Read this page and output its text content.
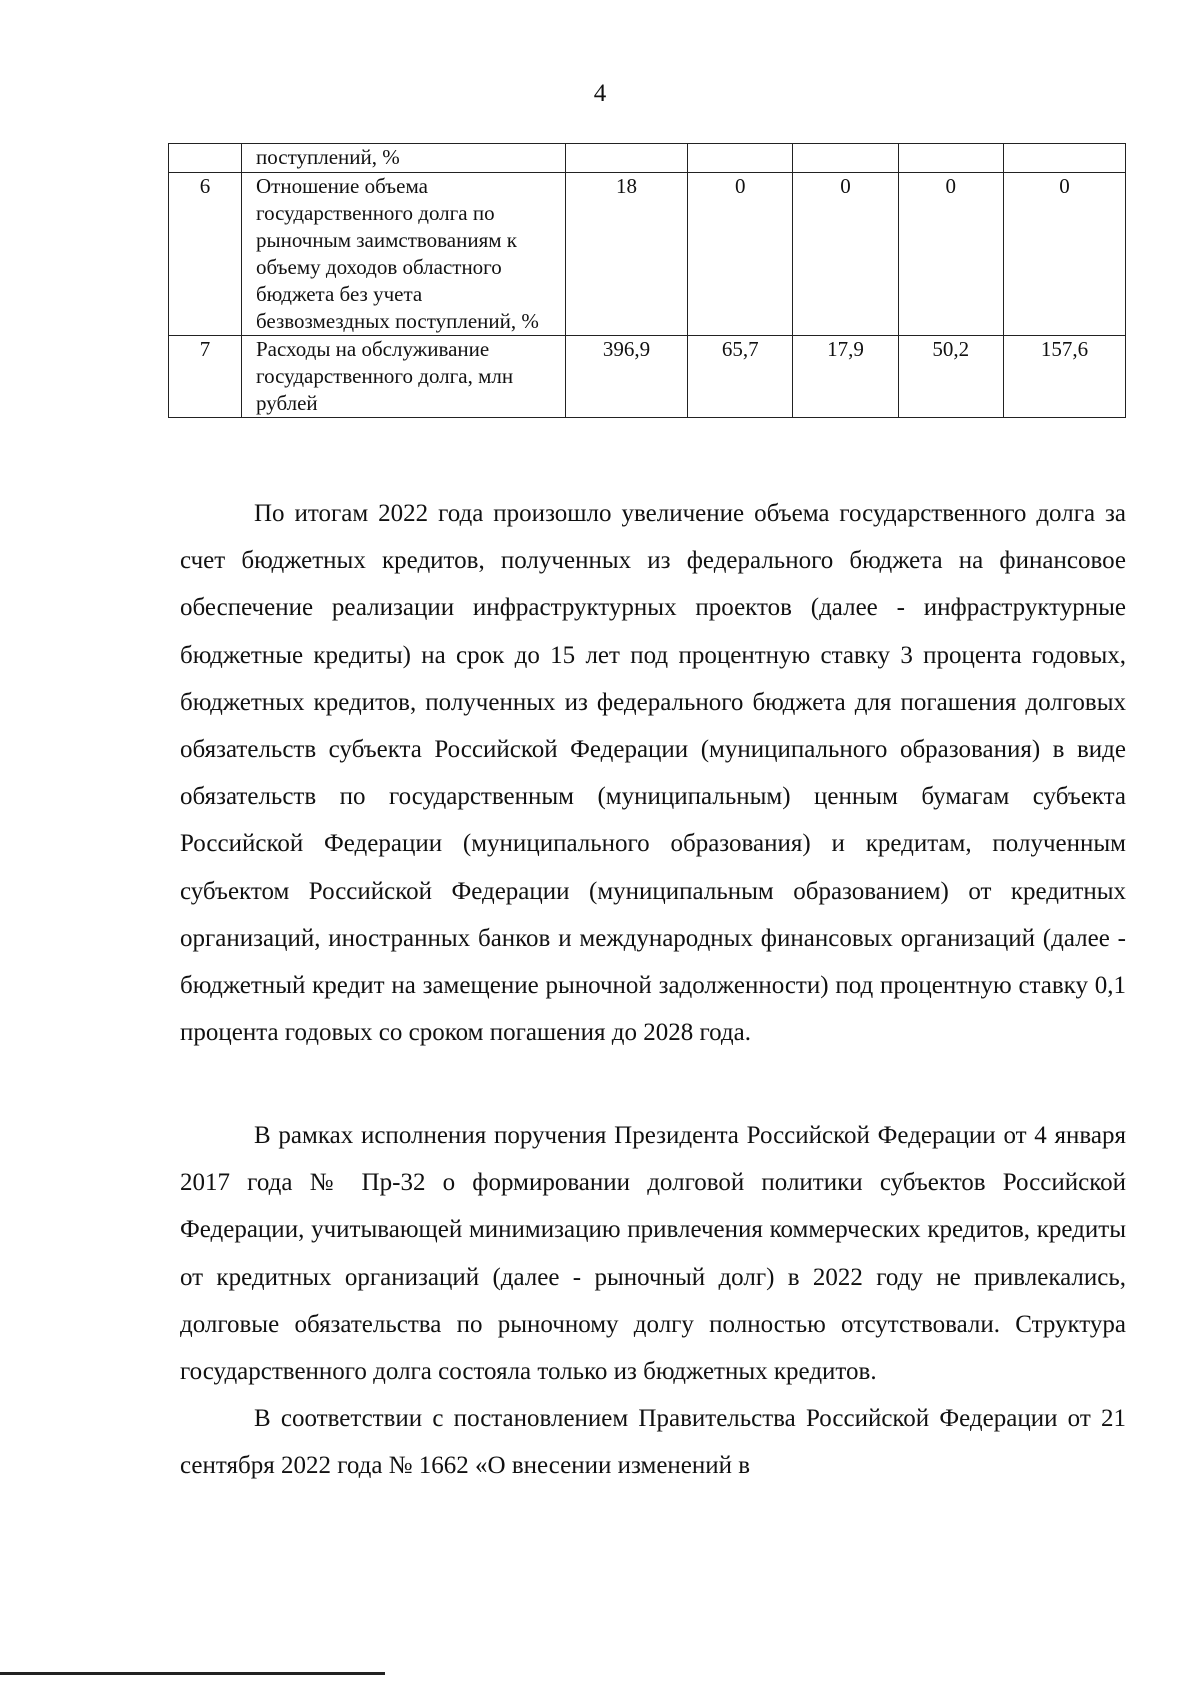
4
	поступлений, %					
6	Отношение объема государственного долга по рыночным заимствованиям к объему доходов областного бюджета без учета безвозмездных поступлений, %	18	0	0	0	0
7	Расходы на обслуживание государственного долга, млн рублей	396,9	65,7	17,9	50,2	157,6

По итогам 2022 года произошло увеличение объема государственного долга за счет бюджетных кредитов, полученных из федерального бюджета на финансовое обеспечение реализации инфраструктурных проектов (далее - инфраструктурные бюджетные кредиты) на срок до 15 лет под процентную ставку 3 процента годовых, бюджетных кредитов, полученных из федерального бюджета для погашения долговых обязательств субъекта Российской Федерации (муниципального образования) в виде обязательств по государственным (муниципальным) ценным бумагам субъекта Российской Федерации (муниципального образования) и кредитам, полученным субъектом Российской Федерации (муниципальным образованием) от кредитных организаций, иностранных банков и международных финансовых организаций (далее - бюджетный кредит на замещение рыночной задолженности) под процентную ставку 0,1 процента годовых со сроком погашения до 2028 года.

В рамках исполнения поручения Президента Российской Федерации от 4 января 2017 года № Пр-32 о формировании долговой политики субъектов Российской Федерации, учитывающей минимизацию привлечения коммерческих кредитов, кредиты от кредитных организаций (далее - рыночный долг) в 2022 году не привлекались, долговые обязательства по рыночному долгу полностью отсутствовали. Структура государственного долга состояла только из бюджетных кредитов.

В соответствии с постановлением Правительства Российской Федерации от 21 сентября 2022 года № 1662 «О внесении изменений в
